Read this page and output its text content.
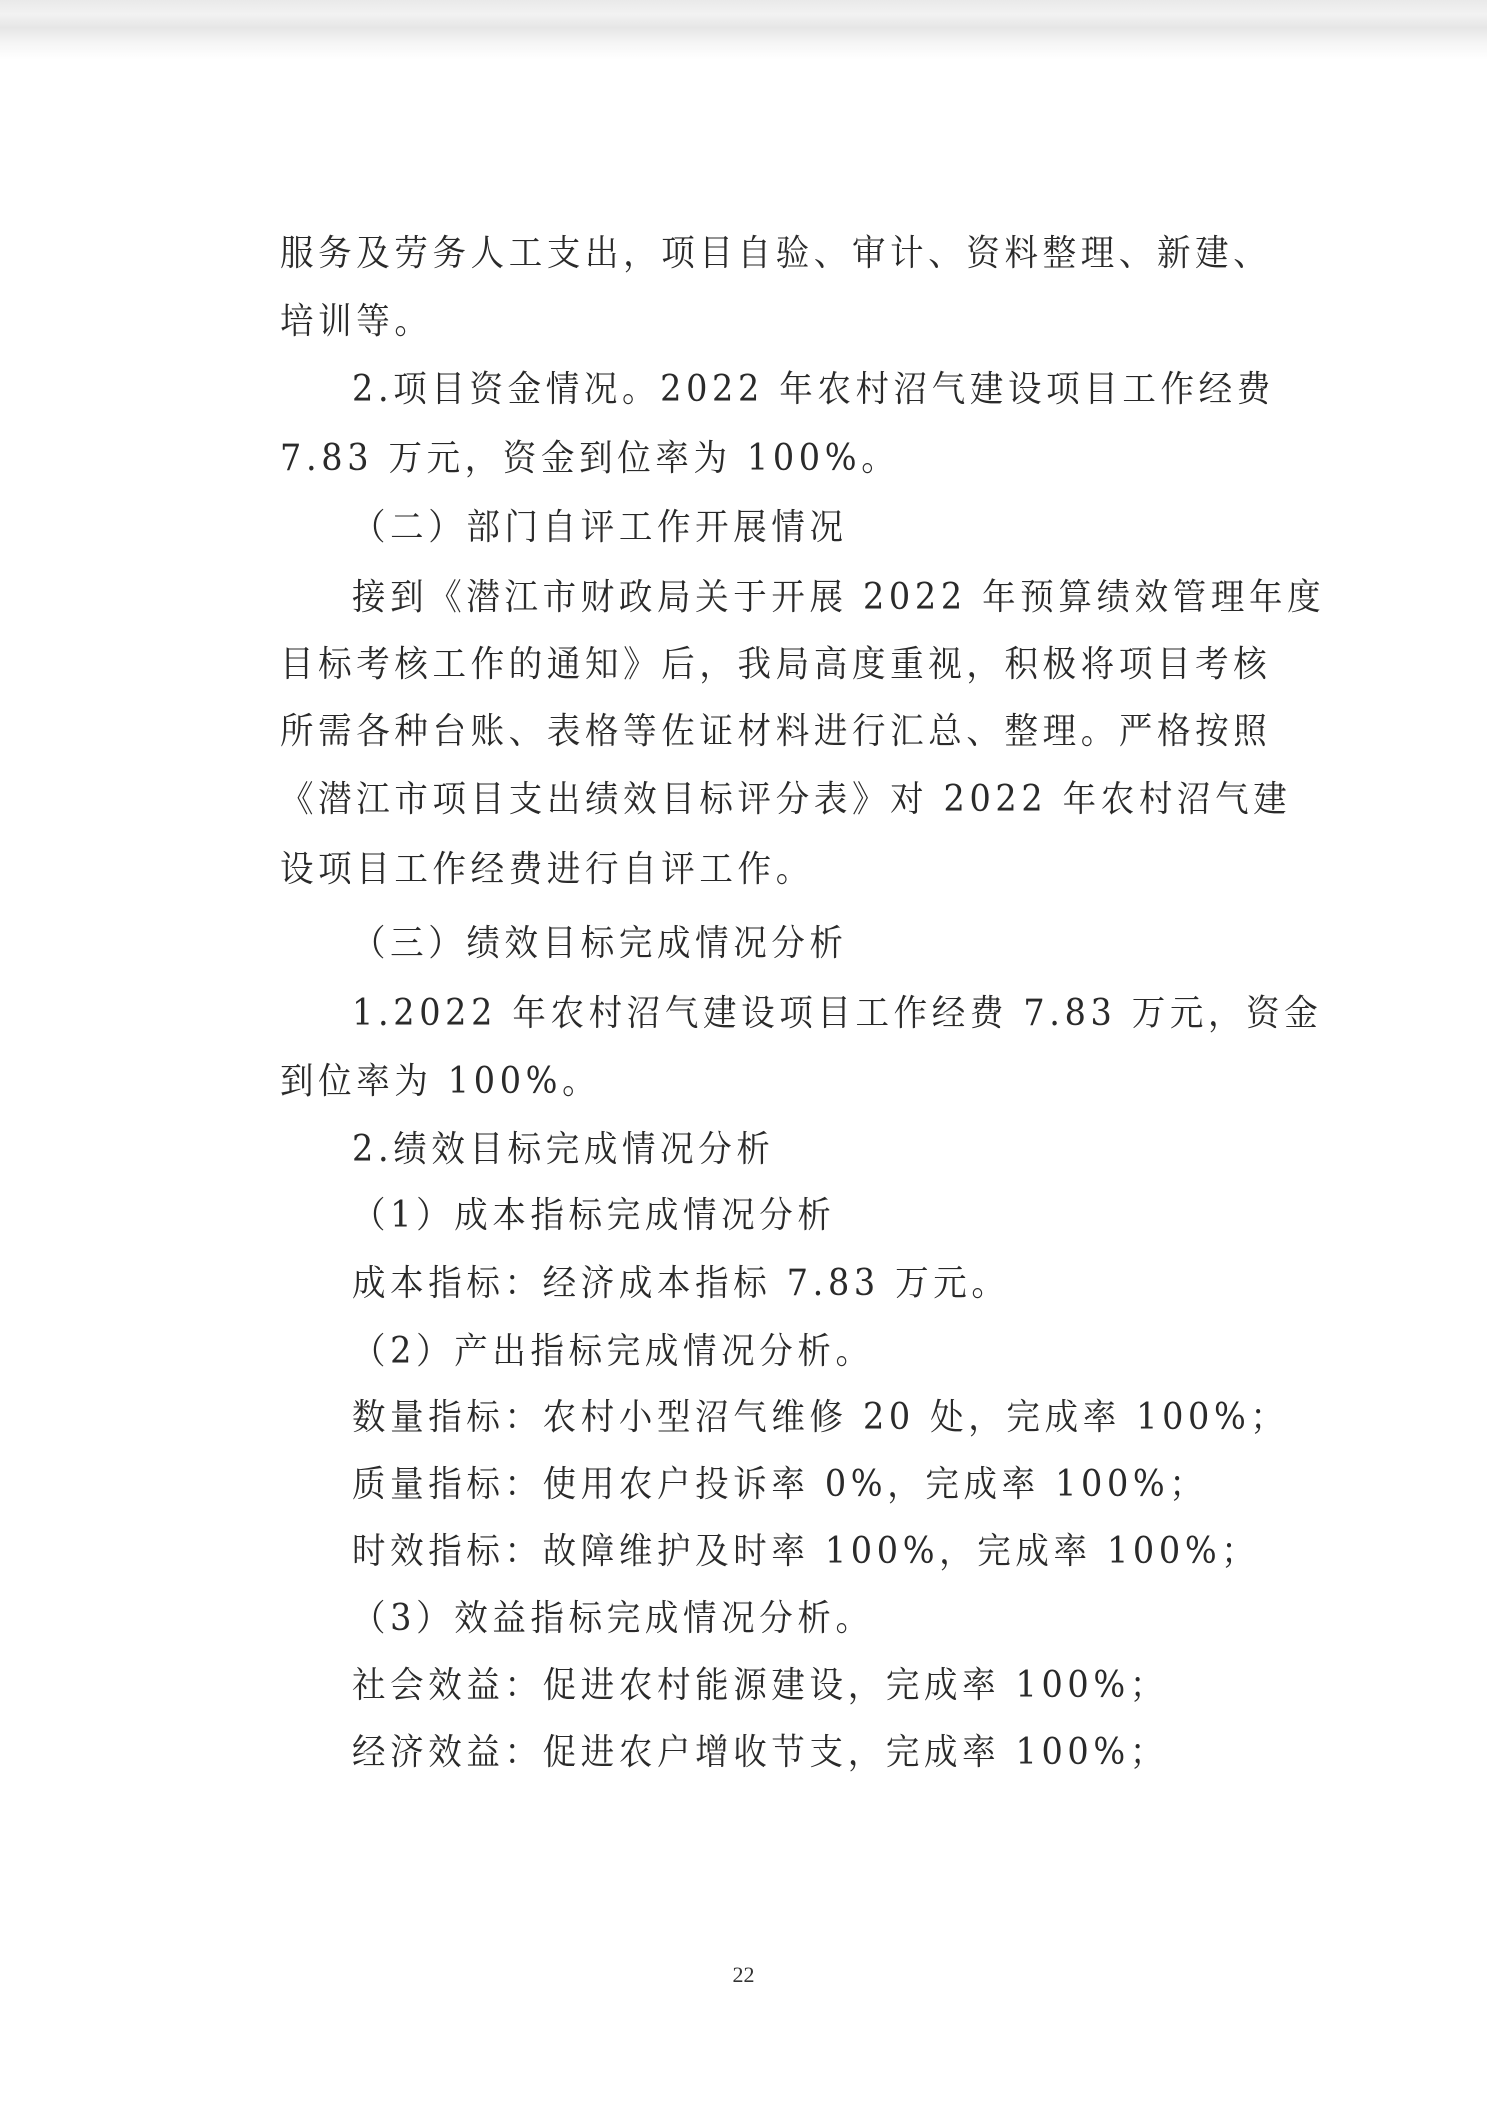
服务及劳务人工支出，项目自验、审计、资料整理、新建、
培训等。
2.项目资金情况。2022 年农村沼气建设项目工作经费
7.83 万元，资金到位率为 100%。
（二）部门自评工作开展情况
接到《潜江市财政局关于开展 2022 年预算绩效管理年度
目标考核工作的通知》后，我局高度重视，积极将项目考核
所需各种台账、表格等佐证材料进行汇总、整理。严格按照
《潜江市项目支出绩效目标评分表》对 2022 年农村沼气建
设项目工作经费进行自评工作。
（三）绩效目标完成情况分析
1.2022 年农村沼气建设项目工作经费 7.83 万元，资金
到位率为 100%。
2.绩效目标完成情况分析
（1）成本指标完成情况分析
成本指标：经济成本指标 7.83 万元。
（2）产出指标完成情况分析。
数量指标：农村小型沼气维修 20 处，完成率 100%；
质量指标：使用农户投诉率 0%，完成率 100%；
时效指标：故障维护及时率 100%，完成率 100%；
（3）效益指标完成情况分析。
社会效益：促进农村能源建设，完成率 100%；
经济效益：促进农户增收节支，完成率 100%；
22
